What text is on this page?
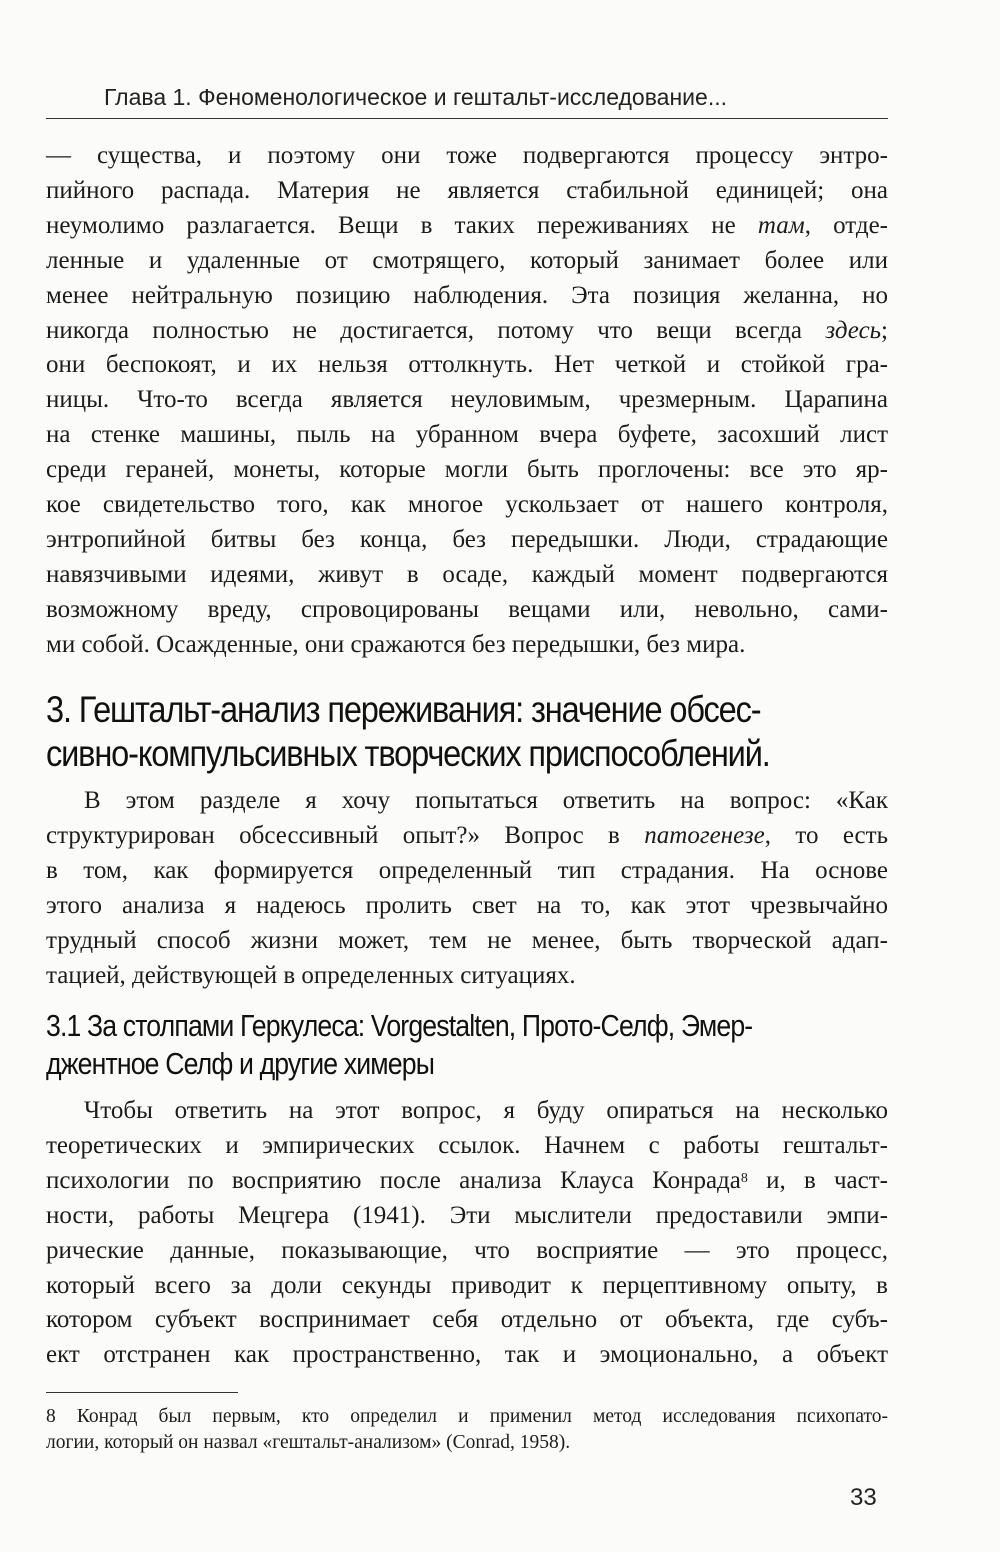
Глава 1. Феноменологическое и гештальт-исследование...
— существа, и поэтому они тоже подвергаются процессу энтро-
пийного распада. Материя не является стабильной единицей; она
неумолимо разлагается. Вещи в таких переживаниях не там, отде-
ленные и удаленные от смотрящего, который занимает более или
менее нейтральную позицию наблюдения. Эта позиция желанна, но
никогда полностью не достигается, потому что вещи всегда здесь;
они беспокоят, и их нельзя оттолкнуть. Нет четкой и стойкой гра-
ницы. Что-то всегда является неуловимым, чрезмерным. Царапина
на стенке машины, пыль на убранном вчера буфете, засохший лист
среди гераней, монеты, которые могли быть проглочены: все это яр-
кое свидетельство того, как многое ускользает от нашего контроля,
энтропийной битвы без конца, без передышки. Люди, страдающие
навязчивыми идеями, живут в осаде, каждый момент подвергаются
возможному вреду, спровоцированы вещами или, невольно, сами-
ми собой. Осажденные, они сражаются без передышки, без мира.
3. Гештальт-анализ переживания: значение обсес-
сивно-компульсивных творческих приспособлений.
В этом разделе я хочу попытаться ответить на вопрос: «Как
структурирован обсессивный опыт?» Вопрос в патогенезе, то есть
в том, как формируется определенный тип страдания. На основе
этого анализа я надеюсь пролить свет на то, как этот чрезвычайно
трудный способ жизни может, тем не менее, быть творческой адап-
тацией, действующей в определенных ситуациях.
3.1 За столпами Геркулеса: Vorgestalten, Прото-Селф, Эмер-
джентное Селф и другие химеры
Чтобы ответить на этот вопрос, я буду опираться на несколько
теоретических и эмпирических ссылок. Начнем с работы гештальт-
психологии по восприятию после анализа Клауса Конрада$^8$ и, в част-
ности, работы Мецгера (1941). Эти мыслители предоставили эмпи-
рические данные, показывающие, что восприятие — это процесс,
который всего за доли секунды приводит к перцептивному опыту, в
котором субъект воспринимает себя отдельно от объекта, где субъ-
ект отстранен как пространственно, так и эмоционально, а объект
8 Конрад был первым, кто определил и применил метод исследования психопато-
логии, который он назвал «гештальт-анализом» (Conrad, 1958).
33
